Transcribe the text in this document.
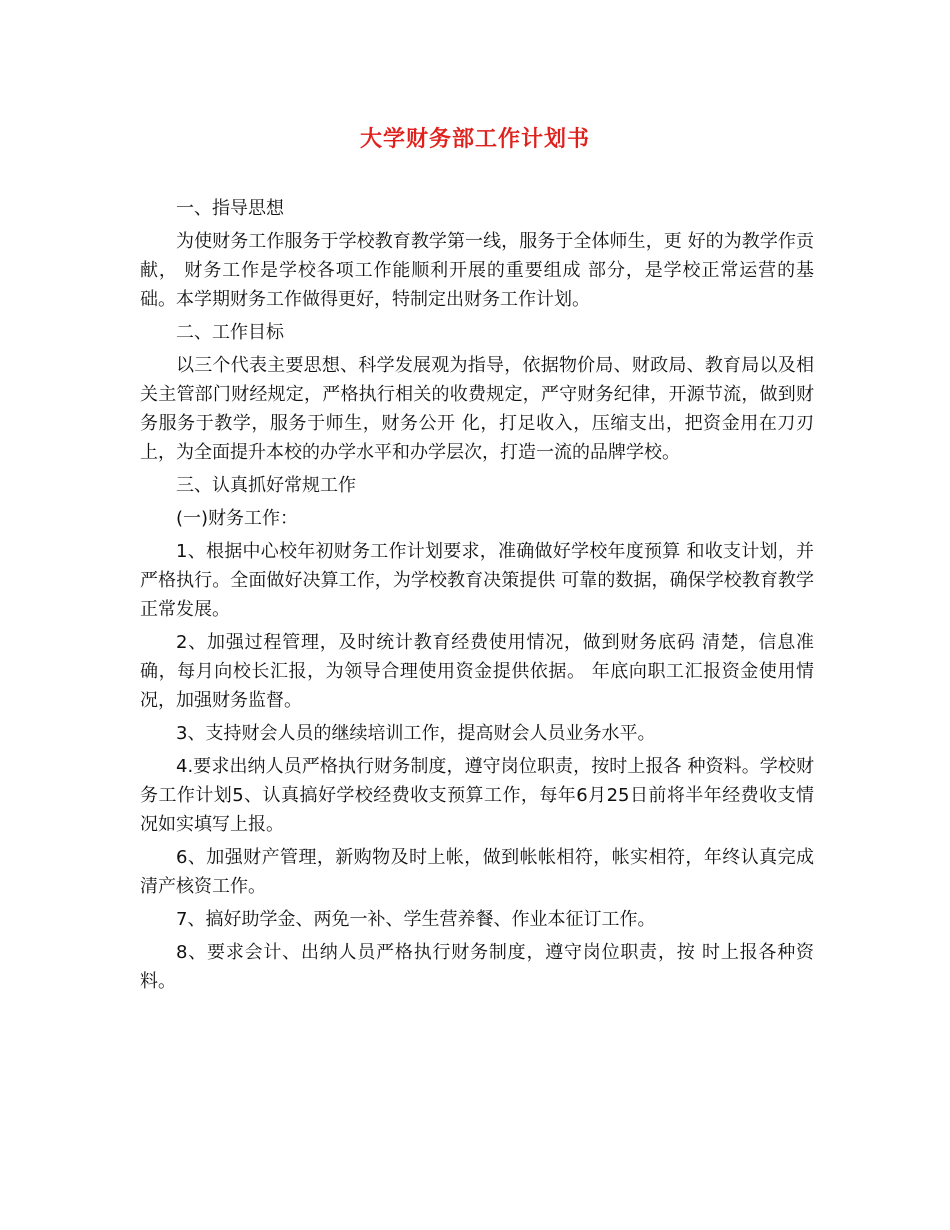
大学财务部工作计划书

一、指导思想

为使财务工作服务于学校教育教学第一线，服务于全体师生，更 好的为教学作贡献， 财务工作是学校各项工作能顺利开展的重要组成 部分，是学校正常运营的基础。本学期财务工作做得更好，特制定出财务工作计划。

二、工作目标

以三个代表主要思想、科学发展观为指导，依据物价局、财政局、教育局以及相关主管部门财经规定，严格执行相关的收费规定，严守财务纪律，开源节流，做到财务服务于教学，服务于师生，财务公开 化，打足收入，压缩支出，把资金用在刀刃上，为全面提升本校的办学水平和办学层次，打造一流的品牌学校。

三、认真抓好常规工作

(一)财务工作：

1、根据中心校年初财务工作计划要求，准确做好学校年度预算 和收支计划，并严格执行。全面做好决算工作，为学校教育决策提供 可靠的数据，确保学校教育教学正常发展。

2、加强过程管理，及时统计教育经费使用情况，做到财务底码 清楚，信息准确，每月向校长汇报，为领导合理使用资金提供依据。 年底向职工汇报资金使用情况，加强财务监督。

3、支持财会人员的继续培训工作，提高财会人员业务水平。

4.要求出纳人员严格执行财务制度，遵守岗位职责，按时上报各 种资料。学校财务工作计划5、认真搞好学校经费收支预算工作，每年6月25日前将半年经费收支情况如实填写上报。

6、加强财产管理，新购物及时上帐，做到帐帐相符，帐实相符，年终认真完成清产核资工作。

7、搞好助学金、两免一补、学生营养餐、作业本征订工作。

8、要求会计、出纳人员严格执行财务制度，遵守岗位职责，按 时上报各种资料。
